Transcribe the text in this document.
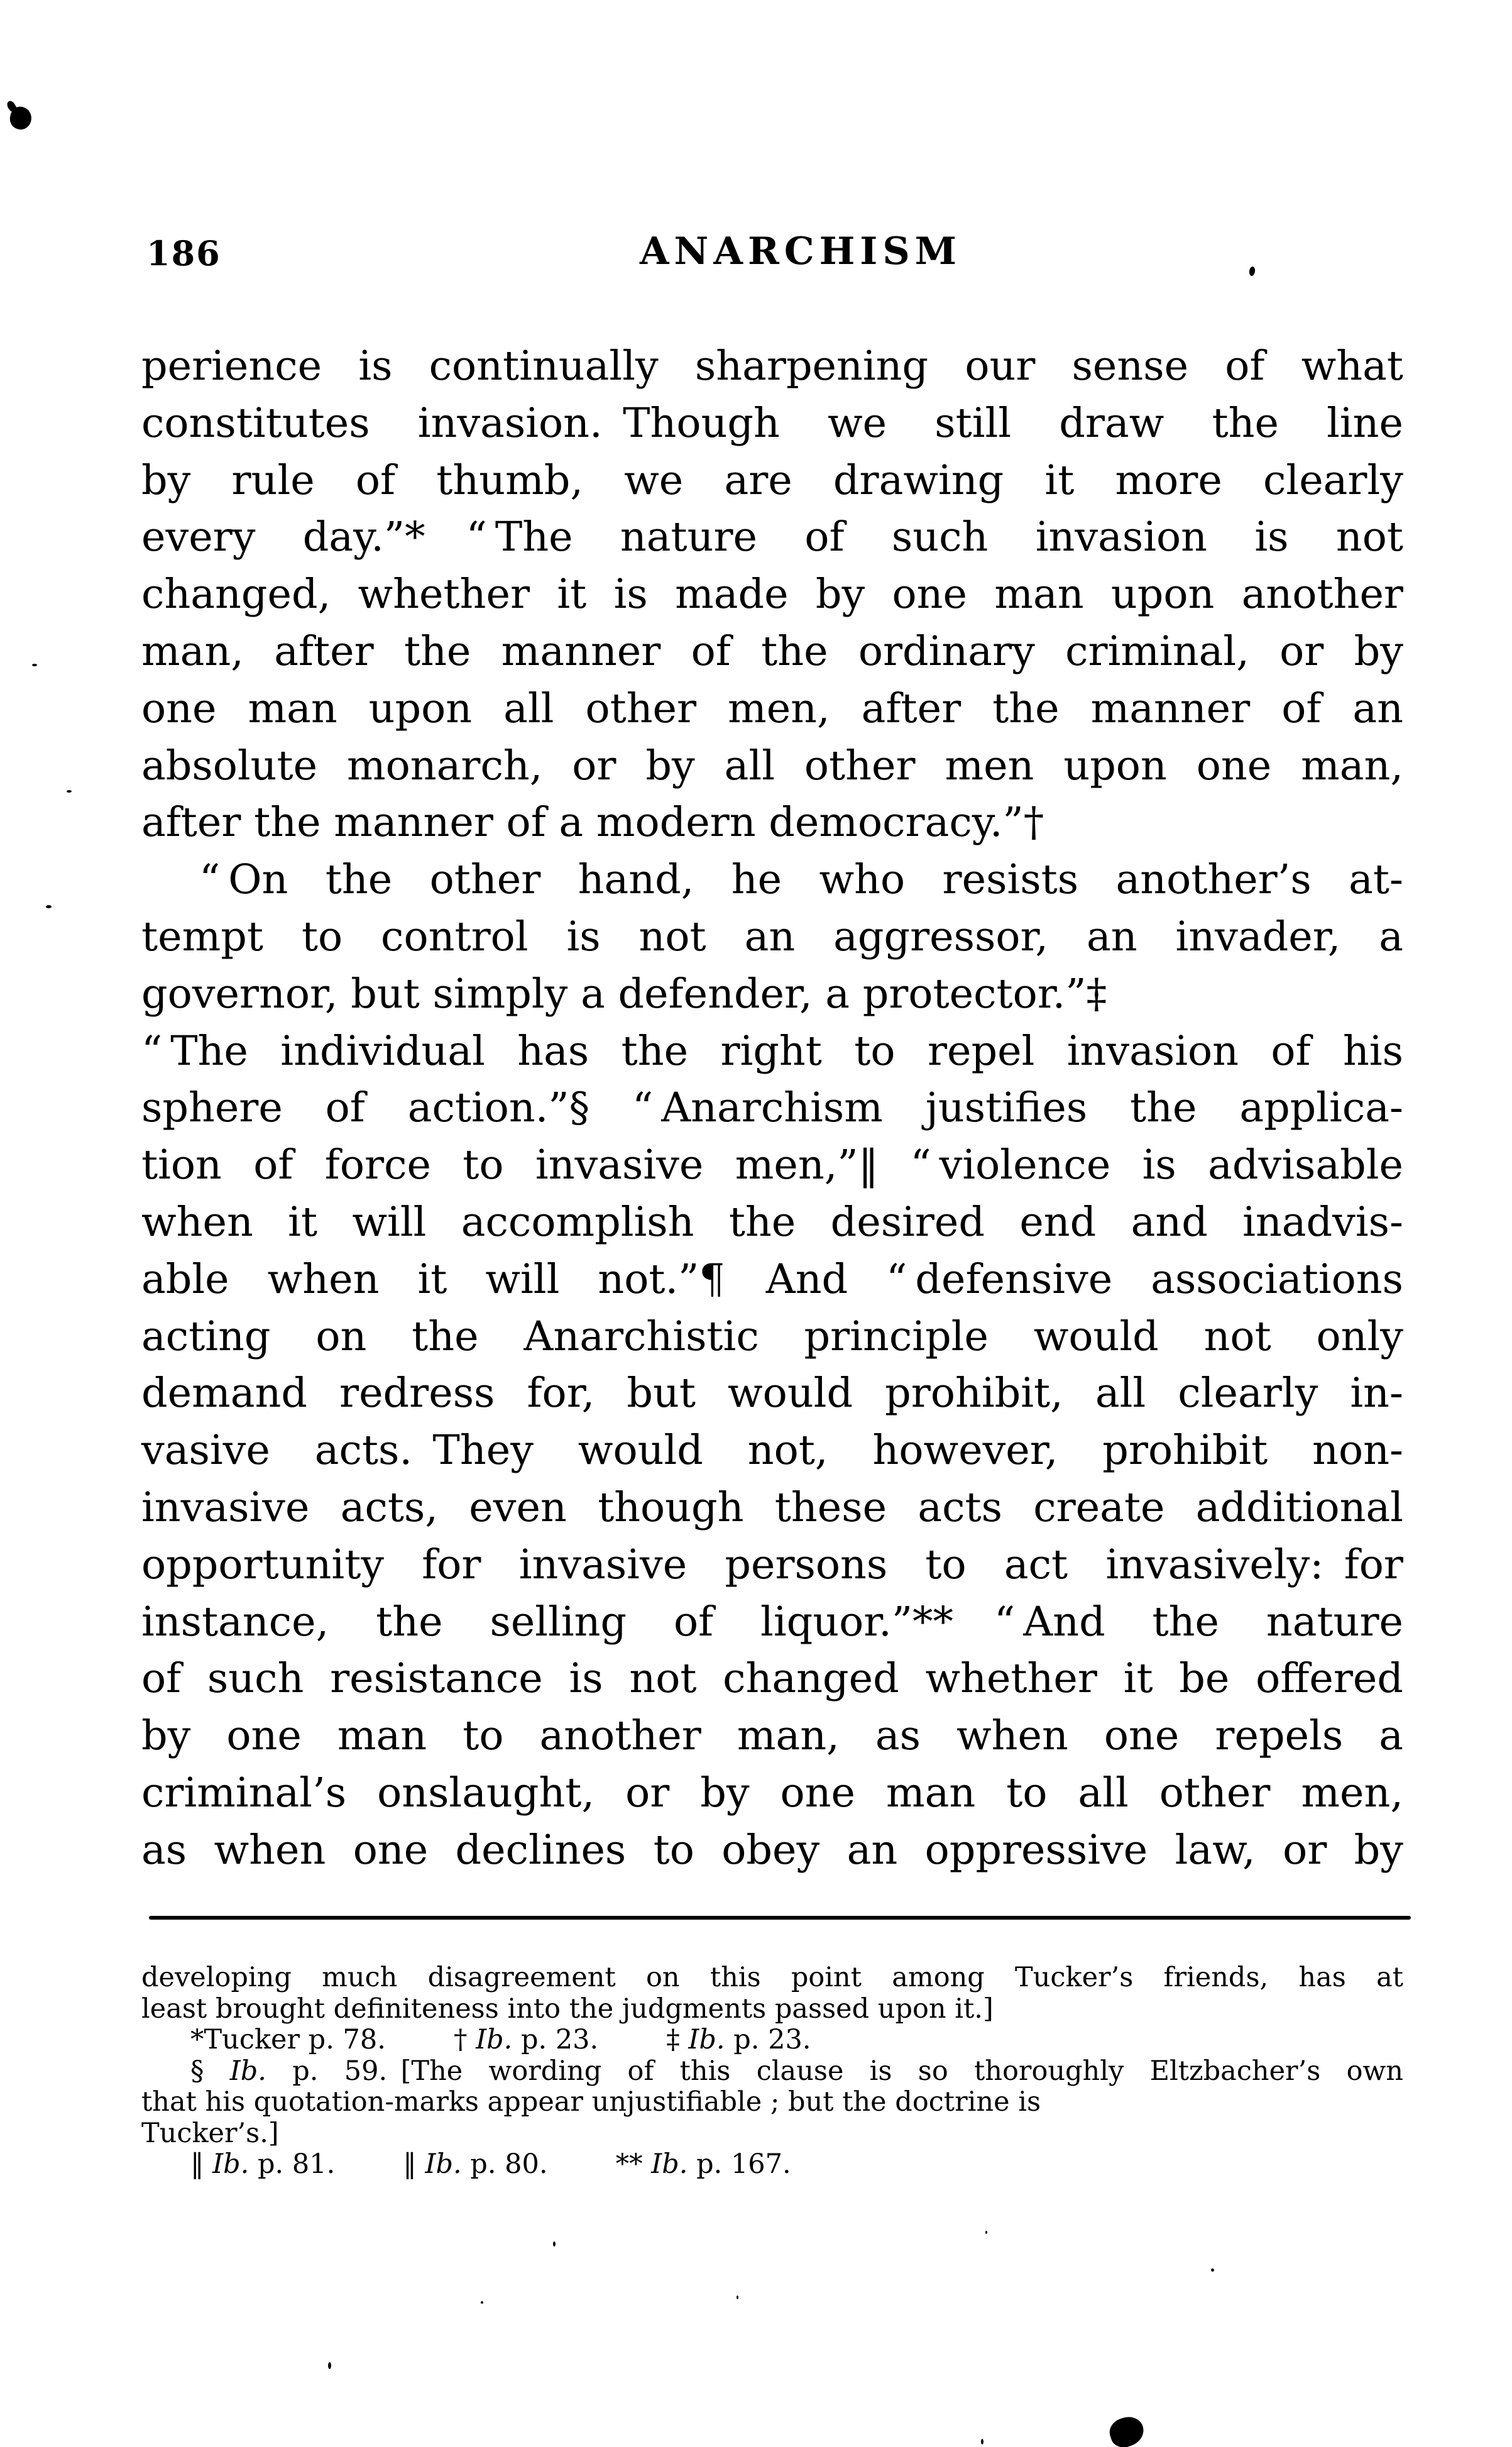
186	ANARCHISM
perience is continually sharpening our sense of what
constitutes invasion. Though we still draw the line
by rule of thumb, we are drawing it more clearly
every day.”* “ The nature of such invasion is not
changed, whether it is made by one man upon another
man, after the manner of the ordinary criminal, or by
one man upon all other men, after the manner of an
absolute monarch, or by all other men upon one man,
after the manner of a modern democracy.”†
“ On the other hand, he who resists another’s at-
tempt to control is not an aggressor, an invader, a
governor, but simply a defender, a protector.”‡
“ The individual has the right to repel invasion of his
sphere of action.”§ “ Anarchism justifies the applica-
tion of force to invasive men,”‖ “ violence is advisable
when it will accomplish the desired end and inadvis-
able when it will not.”¶ And “ defensive associations
acting on the Anarchistic principle would not only
demand redress for, but would prohibit, all clearly in-
vasive acts. They would not, however, prohibit non-
invasive acts, even though these acts create additional
opportunity for invasive persons to act invasively: for
instance, the selling of liquor.”** “ And the nature
of such resistance is not changed whether it be offered
by one man to another man, as when one repels a
criminal’s onslaught, or by one man to all other men,
as when one declines to obey an oppressive law, or by
developing much disagreement on this point among Tucker’s friends, has at
least brought definiteness into the judgments passed upon it.]
*Tucker p. 78.	† Ib. p. 23.	‡ Ib. p. 23.
§ Ib. p. 59. [The wording of this clause is so thoroughly Eltzbacher’s own
that his quotation-marks appear unjustifiable ; but the doctrine is
Tucker’s.]
‖ Ib. p. 81.	‖ Ib. p. 80.	** Ib. p. 167.
